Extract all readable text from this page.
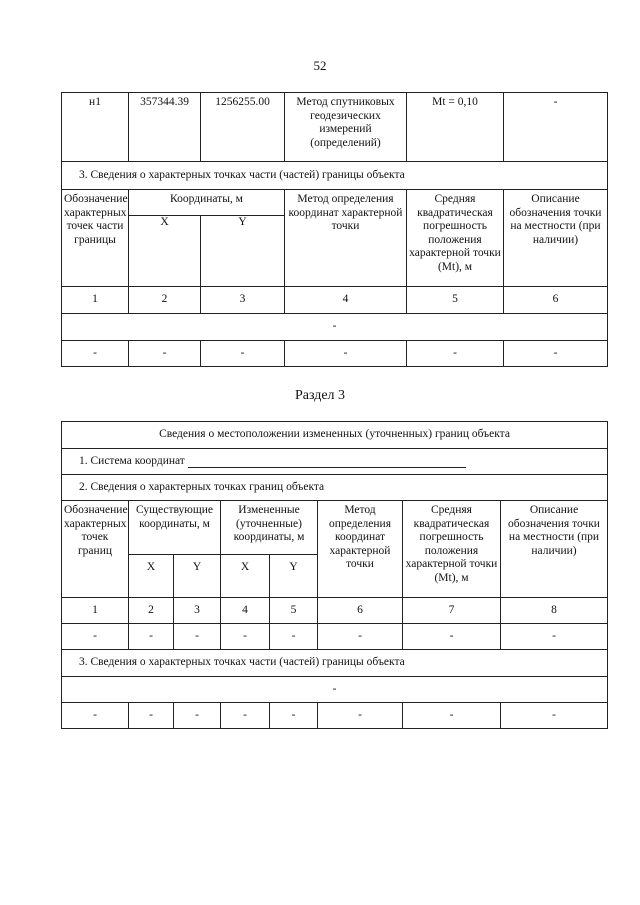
52
н1	357344.39	1256255.00	Метод спутниковых геодезических измерений (определений)	Mt = 0,10	-
3. Сведения о характерных точках части (частей) границы объекта					
Обозначение характерных точек части границы	Координаты, м		Метод определения координат характерной точки	Средняя квадратическая погрешность положения характерной точки (Mt), м	Описание обозначения точки на местности (при наличии)
	X	Y			
1	2	3	4	5	6
-					
-	-	-	-	-	-
Раздел 3
Сведения о местоположении измененных (уточненных) границ объекта							
1. Система координат							
2. Сведения о характерных точках границ объекта							
Обозначение характерных точек границ	Существующие координаты, м		Измененные (уточненные) координаты, м		Метод определения координат характерной точки	Средняя квадратическая погрешность положения характерной точки (Mt), м	Описание обозначения точки на местности (при наличии)
	X	Y	X	Y			
1	2	3	4	5	6	7	8
-	-	-	-	-	-	-	-
3. Сведения о характерных точках части (частей) границы объекта							
-							
-	-	-	-	-	-	-	-
